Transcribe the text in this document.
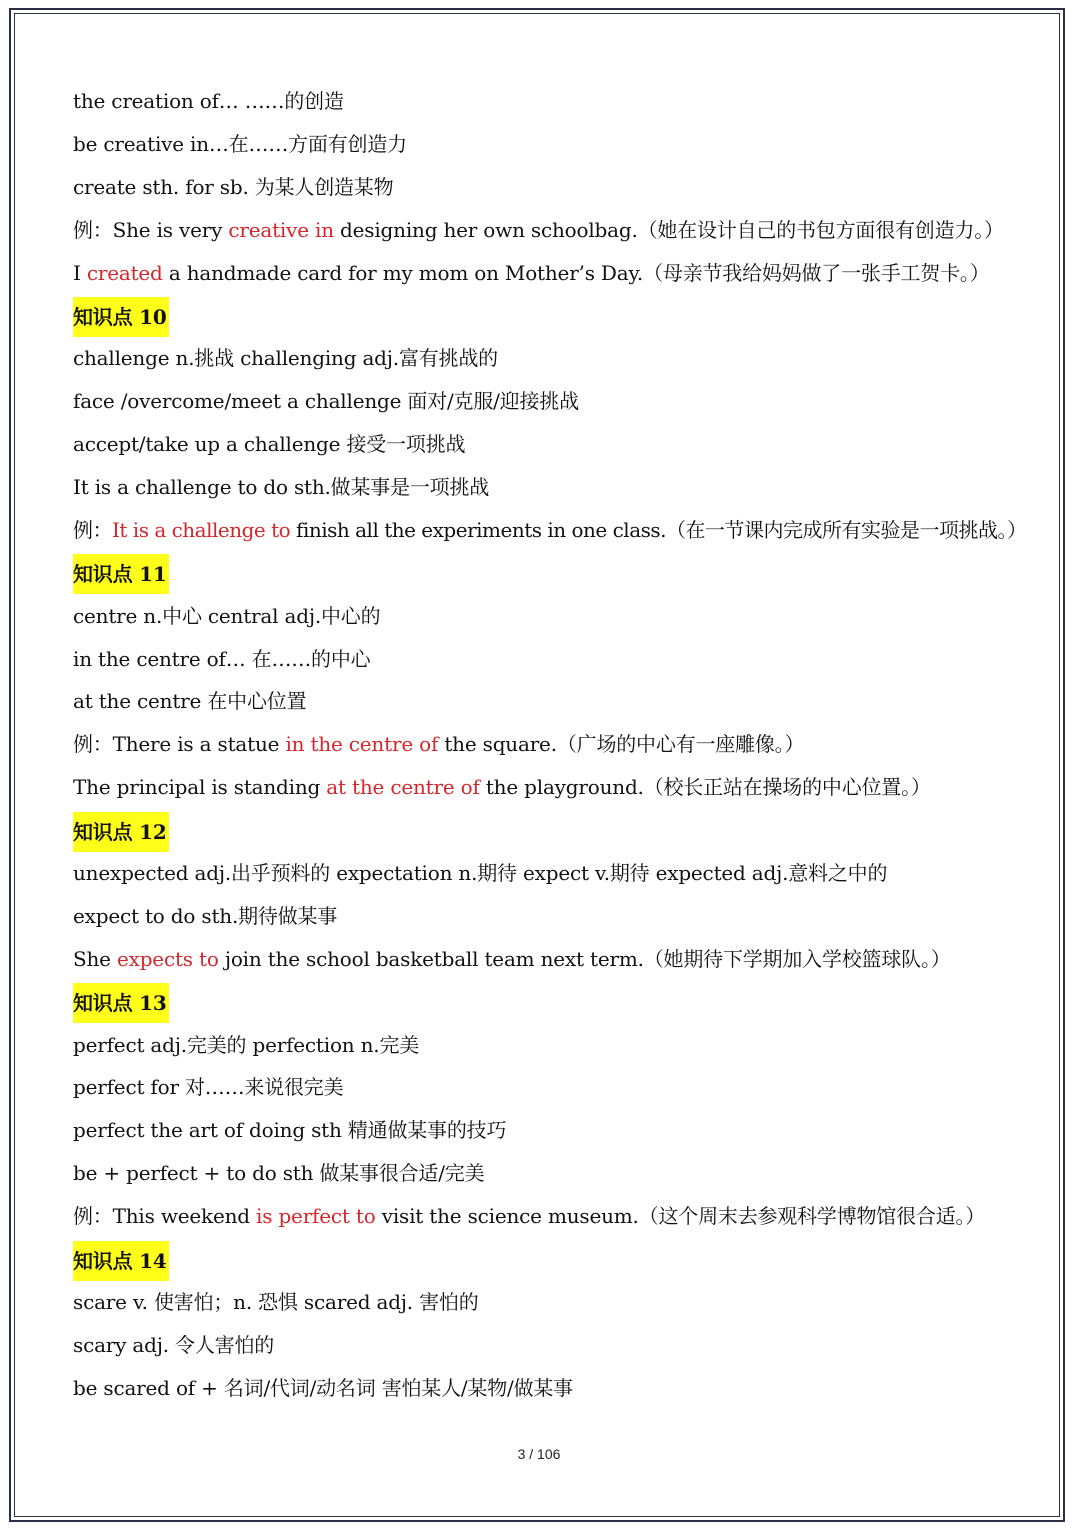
the creation of… ……的创造
be creative in…在……方面有创造力
create sth. for sb. 为某人创造某物
例：She is very creative in designing her own schoolbag.（她在设计自己的书包方面很有创造力。）
I created a handmade card for my mom on Mother’s Day.（母亲节我给妈妈做了一张手工贺卡。）
知识点 10
challenge n.挑战 challenging adj.富有挑战的
face /overcome/meet a challenge 面对/克服/迎接挑战
accept/take up a challenge 接受一项挑战
It is a challenge to do sth.做某事是一项挑战
例：It is a challenge to finish all the experiments in one class.（在一节课内完成所有实验是一项挑战。）
知识点 11
centre n.中心 central adj.中心的
in the centre of… 在……的中心
at the centre 在中心位置
例：There is a statue in the centre of the square.（广场的中心有一座雕像。）
The principal is standing at the centre of the playground.（校长正站在操场的中心位置。）
知识点 12
unexpected adj.出乎预料的 expectation n.期待 expect v.期待 expected adj.意料之中的
expect to do sth.期待做某事
She expects to join the school basketball team next term.（她期待下学期加入学校篮球队。）
知识点 13
perfect adj.完美的 perfection n.完美
perfect for 对……来说很完美
perfect the art of doing sth 精通做某事的技巧
be + perfect + to do sth 做某事很合适/完美
例：This weekend is perfect to visit the science museum.（这个周末去参观科学博物馆很合适。）
知识点 14
scare v. 使害怕；n. 恐惧 scared adj. 害怕的
scary adj. 令人害怕的
be scared of + 名词/代词/动名词 害怕某人/某物/做某事
3 / 106
